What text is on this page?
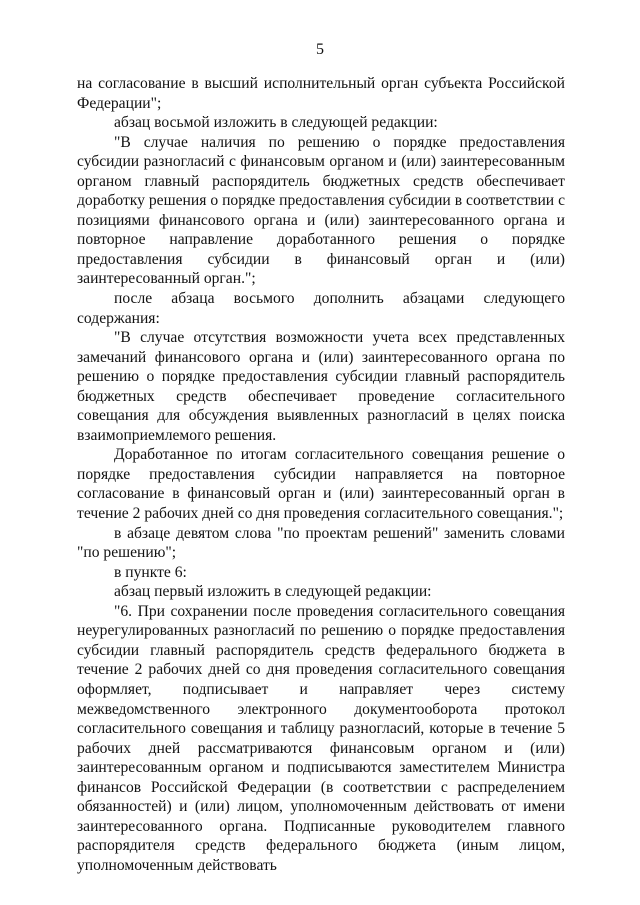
5

на согласование в высший исполнительный орган субъекта Российской Федерации";

абзац восьмой изложить в следующей редакции:

"В случае наличия по решению о порядке предоставления субсидии разногласий с финансовым органом и (или) заинтересованным органом главный распорядитель бюджетных средств обеспечивает доработку решения о порядке предоставления субсидии в соответствии с позициями финансового органа и (или) заинтересованного органа и повторное направление доработанного решения о порядке предоставления субсидии в финансовый орган и (или) заинтересованный орган.";

после абзаца восьмого дополнить абзацами следующего содержания:

"В случае отсутствия возможности учета всех представленных замечаний финансового органа и (или) заинтересованного органа по решению о порядке предоставления субсидии главный распорядитель бюджетных средств обеспечивает проведение согласительного совещания для обсуждения выявленных разногласий в целях поиска взаимоприемлемого решения.

Доработанное по итогам согласительного совещания решение о порядке предоставления субсидии направляется на повторное согласование в финансовый орган и (или) заинтересованный орган в течение 2 рабочих дней со дня проведения согласительного совещания.";

в абзаце девятом слова "по проектам решений" заменить словами "по решению";

в пункте 6:

абзац первый изложить в следующей редакции:

"6. При сохранении после проведения согласительного совещания неурегулированных разногласий по решению о порядке предоставления субсидии главный распорядитель средств федерального бюджета в течение 2 рабочих дней со дня проведения согласительного совещания оформляет, подписывает и направляет через систему межведомственного электронного документооборота протокол согласительного совещания и таблицу разногласий, которые в течение 5 рабочих дней рассматриваются финансовым органом и (или) заинтересованным органом и подписываются заместителем Министра финансов Российской Федерации (в соответствии с распределением обязанностей) и (или) лицом, уполномоченным действовать от имени заинтересованного органа. Подписанные руководителем главного распорядителя средств федерального бюджета (иным лицом, уполномоченным действовать
